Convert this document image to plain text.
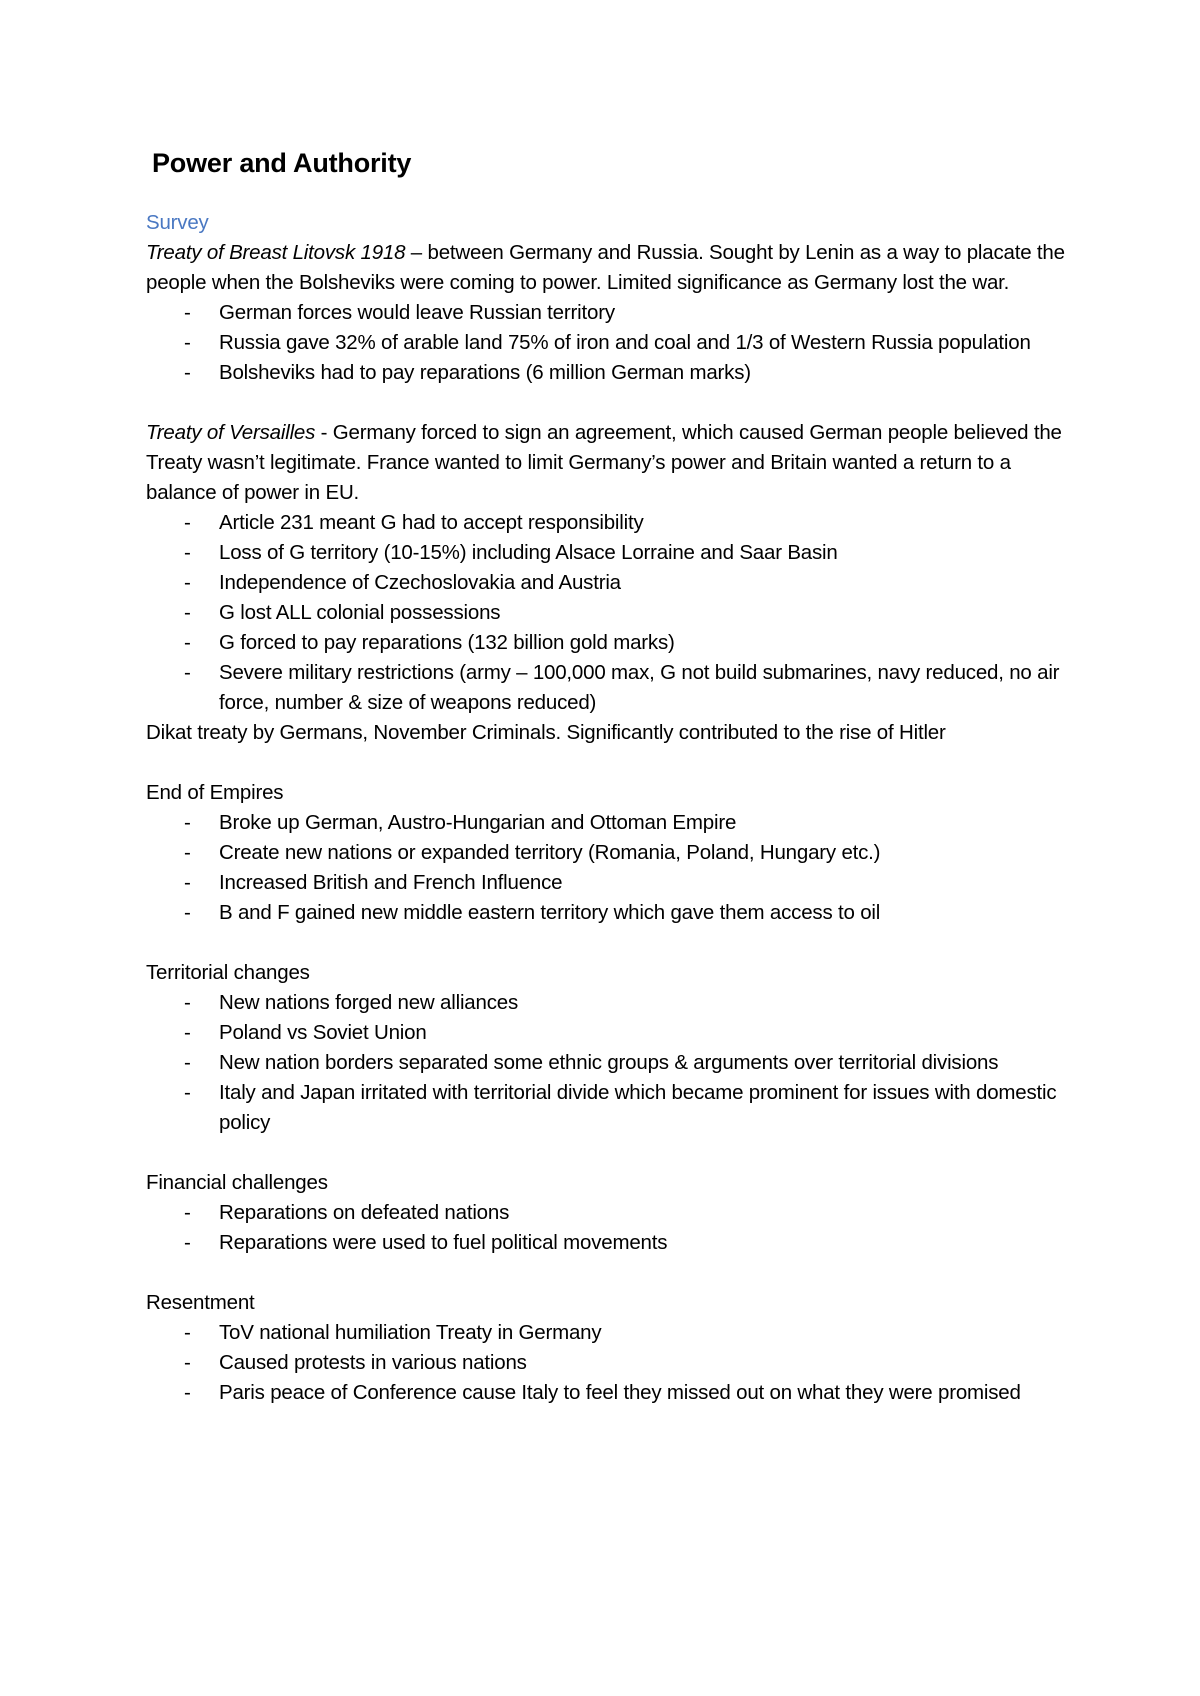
Power and Authority
Survey

Treaty of Breast Litovsk 1918 – between Germany and Russia. Sought by Lenin as a way to placate the people when the Bolsheviks were coming to power. Limited significance as Germany lost the war.

- German forces would leave Russian territory
- Russia gave 32% of arable land 75% of iron and coal and 1/3 of Western Russia population
- Bolsheviks had to pay reparations (6 million German marks)

Treaty of Versailles - Germany forced to sign an agreement, which caused German people believed the Treaty wasn’t legitimate. France wanted to limit Germany’s power and Britain wanted a return to a balance of power in EU.

- Article 231 meant G had to accept responsibility
- Loss of G territory (10-15%) including Alsace Lorraine and Saar Basin
- Independence of Czechoslovakia and Austria
- G lost ALL colonial possessions
- G forced to pay reparations (132 billion gold marks)
- Severe military restrictions (army – 100,000 max, G not build submarines, navy reduced, no air force, number & size of weapons reduced)

Dikat treaty by Germans, November Criminals. Significantly contributed to the rise of Hitler

End of Empires
- Broke up German, Austro-Hungarian and Ottoman Empire
- Create new nations or expanded territory (Romania, Poland, Hungary etc.)
- Increased British and French Influence
- B and F gained new middle eastern territory which gave them access to oil
Territorial changes
- New nations forged new alliances
- Poland vs Soviet Union
- New nation borders separated some ethnic groups & arguments over territorial divisions
- Italy and Japan irritated with territorial divide which became prominent for issues with domestic policy
Financial challenges
- Reparations on defeated nations
- Reparations were used to fuel political movements
Resentment
- ToV national humiliation Treaty in Germany
- Caused protests in various nations
- Paris peace of Conference cause Italy to feel they missed out on what they were promised
